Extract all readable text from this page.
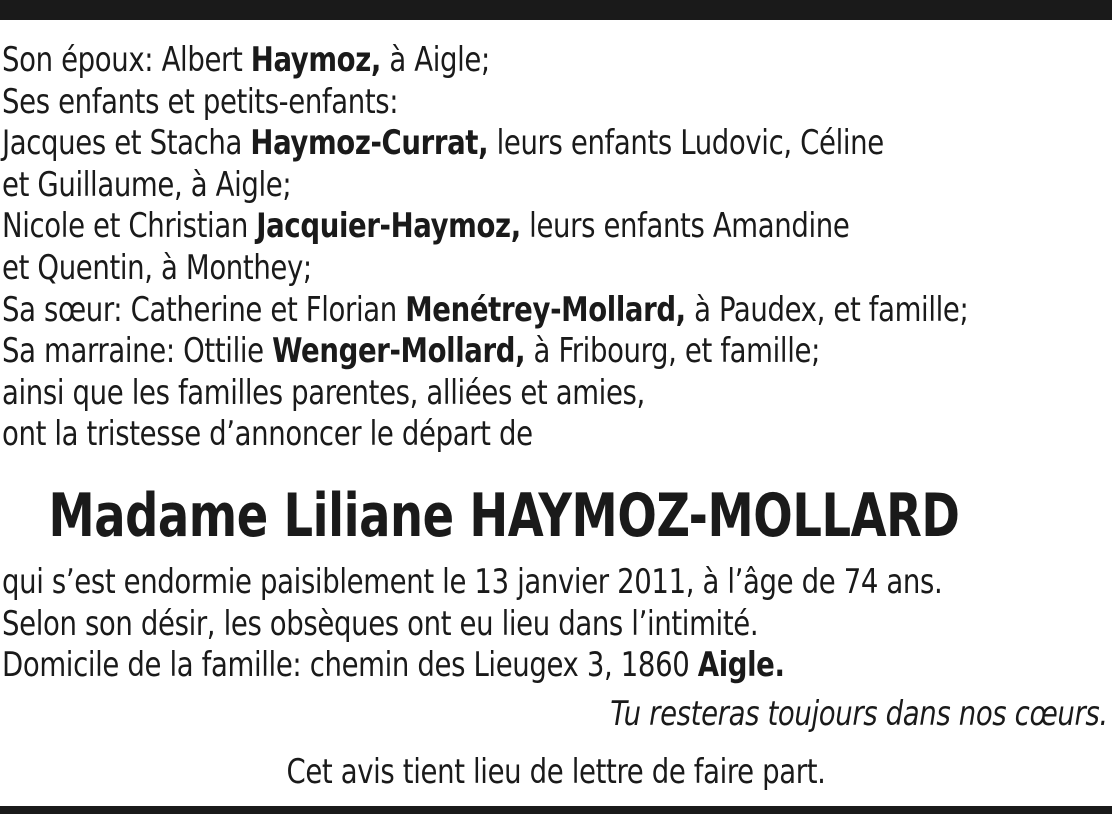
Son époux: Albert Haymoz, à Aigle;
Ses enfants et petits-enfants:
Jacques et Stacha Haymoz-Currat, leurs enfants Ludovic, Céline
et Guillaume, à Aigle;
Nicole et Christian Jacquier-Haymoz, leurs enfants Amandine
et Quentin, à Monthey;
Sa sœur: Catherine et Florian Menétrey-Mollard, à Paudex, et famille;
Sa marraine: Ottilie Wenger-Mollard, à Fribourg, et famille;
ainsi que les familles parentes, alliées et amies,
ont la tristesse d’annoncer le départ de
Madame Liliane HAYMOZ-MOLLARD
qui s’est endormie paisiblement le 13 janvier 2011, à l’âge de 74 ans.
Selon son désir, les obsèques ont eu lieu dans l’intimité.
Domicile de la famille: chemin des Lieugex 3, 1860 Aigle.
Tu resteras toujours dans nos cœurs.
Cet avis tient lieu de lettre de faire part.
